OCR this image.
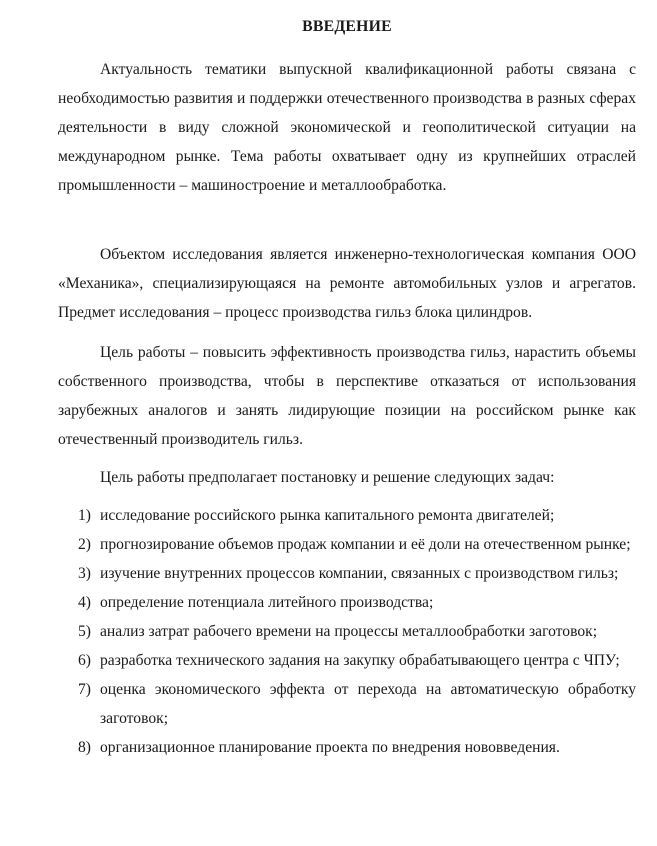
ВВЕДЕНИЕ

Актуальность тематики выпускной квалификационной работы связана с необходимостью развития и поддержки отечественного производства в разных сферах деятельности в виду сложной экономической и геополитической ситуации на международном рынке. Тема работы охватывает одну из крупнейших отраслей промышленности – машиностроение и металлообработка.

Объектом исследования является инженерно-технологическая компания ООО «Механика», специализирующаяся на ремонте автомобильных узлов и агрегатов. Предмет исследования – процесс производства гильз блока цилиндров.

Цель работы – повысить эффективность производства гильз, нарастить объемы собственного производства, чтобы в перспективе отказаться от использования зарубежных аналогов и занять лидирующие позиции на российском рынке как отечественный производитель гильз.

Цель работы предполагает постановку и решение следующих задач:

1) исследование российского рынка капитального ремонта двигателей;
2) прогнозирование объемов продаж компании и её доли на отечественном рынке;
3) изучение внутренних процессов компании, связанных с производством гильз;
4) определение потенциала литейного производства;
5) анализ затрат рабочего времени на процессы металлообработки заготовок;
6) разработка технического задания на закупку обрабатывающего центра с ЧПУ;
7) оценка экономического эффекта от перехода на автоматическую обработку заготовок;
8) организационное планирование проекта по внедрения нововведения.
